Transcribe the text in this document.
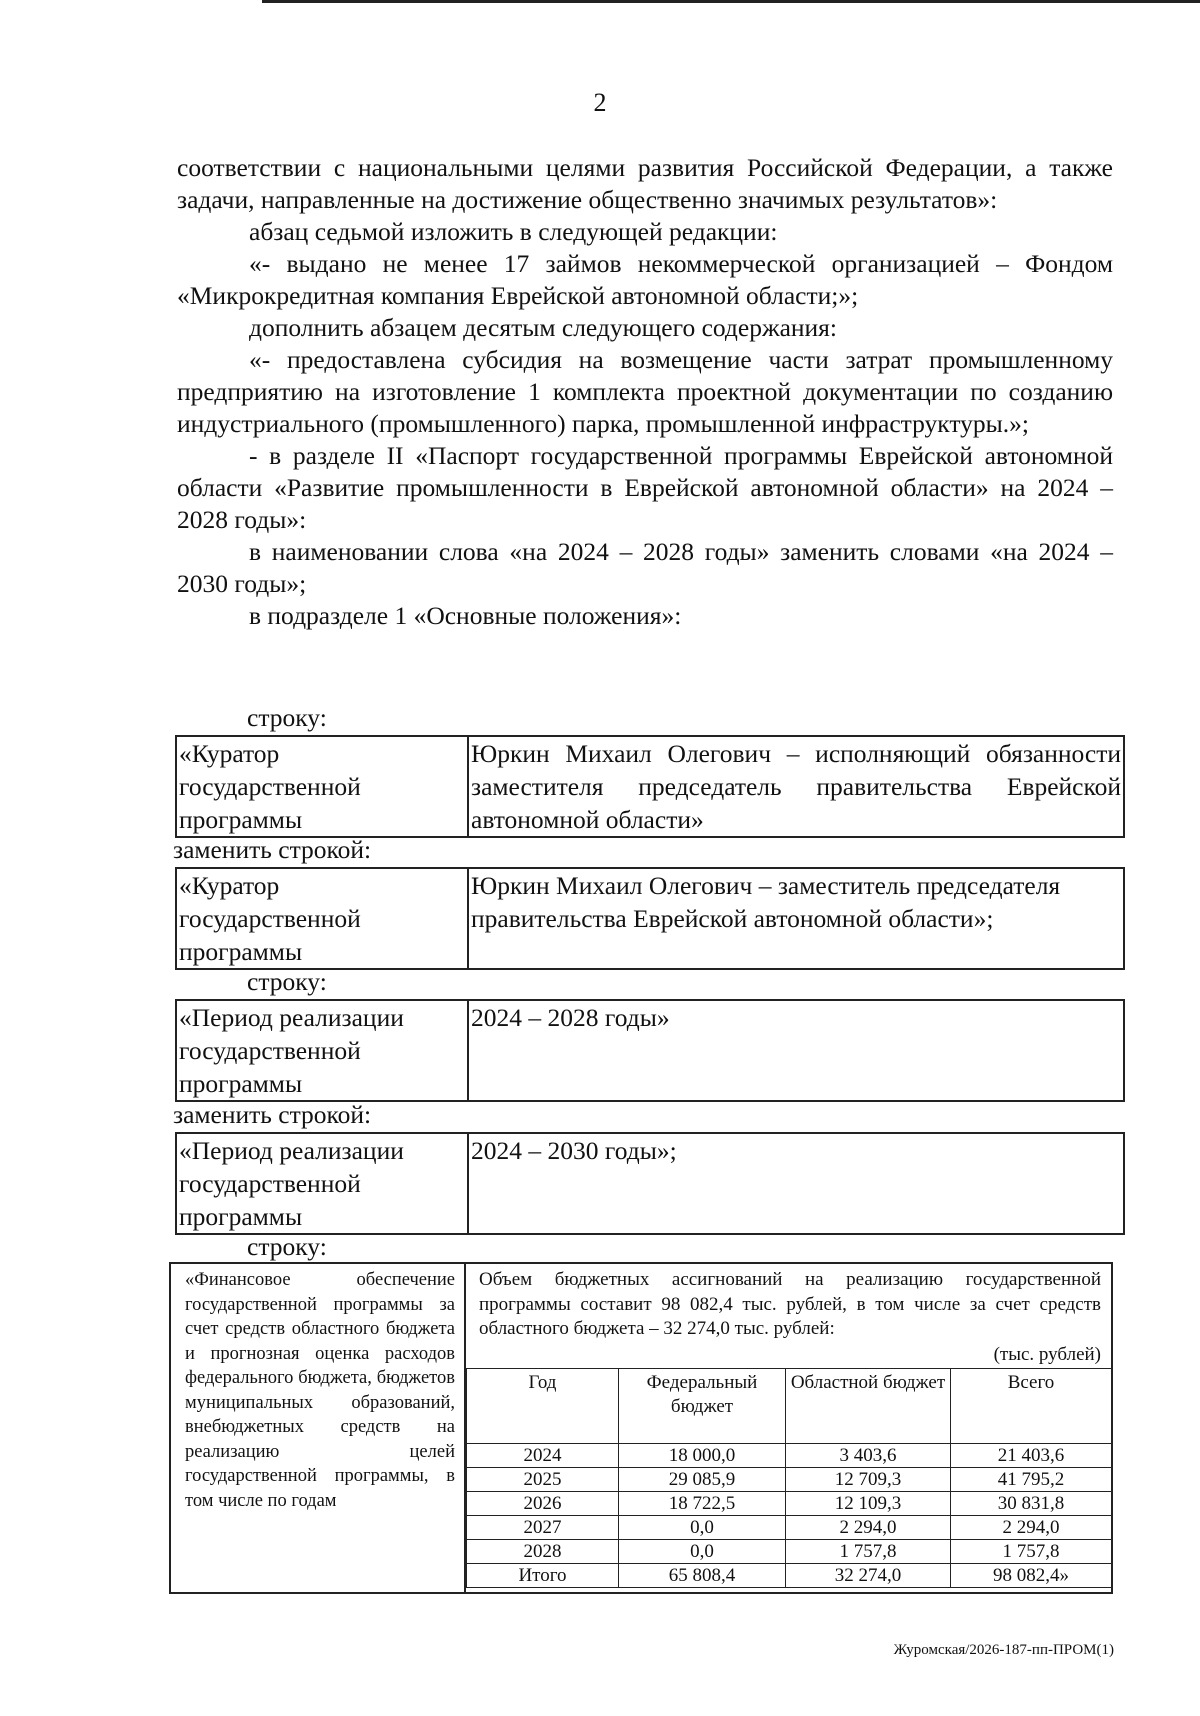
2

соответствии с национальными целями развития Российской Федерации, а также задачи, направленные на достижение общественно значимых результатов»:

абзац седьмой изложить в следующей редакции:

«- выдано не менее 17 займов некоммерческой организацией – Фондом «Микрокредитная компания Еврейской автономной области;»;

дополнить абзацем десятым следующего содержания:

«- предоставлена субсидия на возмещение части затрат промышленному предприятию на изготовление 1 комплекта проектной документации по созданию индустриального (промышленного) парка, промышленной инфраструктуры.»;

- в разделе II «Паспорт государственной программы Еврейской автономной области «Развитие промышленности в Еврейской автономной области» на 2024 – 2028 годы»:

в наименовании слова «на 2024 – 2028 годы» заменить словами «на 2024 – 2030 годы»;

в подразделе 1 «Основные положения»:

строку:
«Куратор государственной программы	Юркин Михаил Олегович – исполняющий обязанности заместителя председатель правительства Еврейской автономной области»
заменить строкой:
«Куратор государственной программы	Юркин Михаил Олегович – заместитель председателя правительства Еврейской автономной области»;
строку:
«Период реализации государственной программы	2024 – 2028 годы»
заменить строкой:
«Период реализации государственной программы	2024 – 2030 годы»;
строку:
«Финансовое обеспечение государственной программы за счет средств областного бюджета и прогнозная оценка расходов федерального бюджета, бюджетов муниципальных образований, внебюджетных средств на реализацию целей государственной программы, в том числе по годам
Объем бюджетных ассигнований на реализацию государственной программы составит 98 082,4 тыс. рублей, в том числе за счет средств областного бюджета – 32 274,0 тыс. рублей:
(тыс. рублей)
Год	Федеральный бюджет	Областной бюджет	Всего
2024	18 000,0	3 403,6	21 403,6
2025	29 085,9	12 709,3	41 795,2
2026	18 722,5	12 109,3	30 831,8
2027	0,0	2 294,0	2 294,0
2028	0,0	1 757,8	1 757,8
Итого	65 808,4	32 274,0	98 082,4»
Журомская/2026-187-пп-ПРОМ(1)
